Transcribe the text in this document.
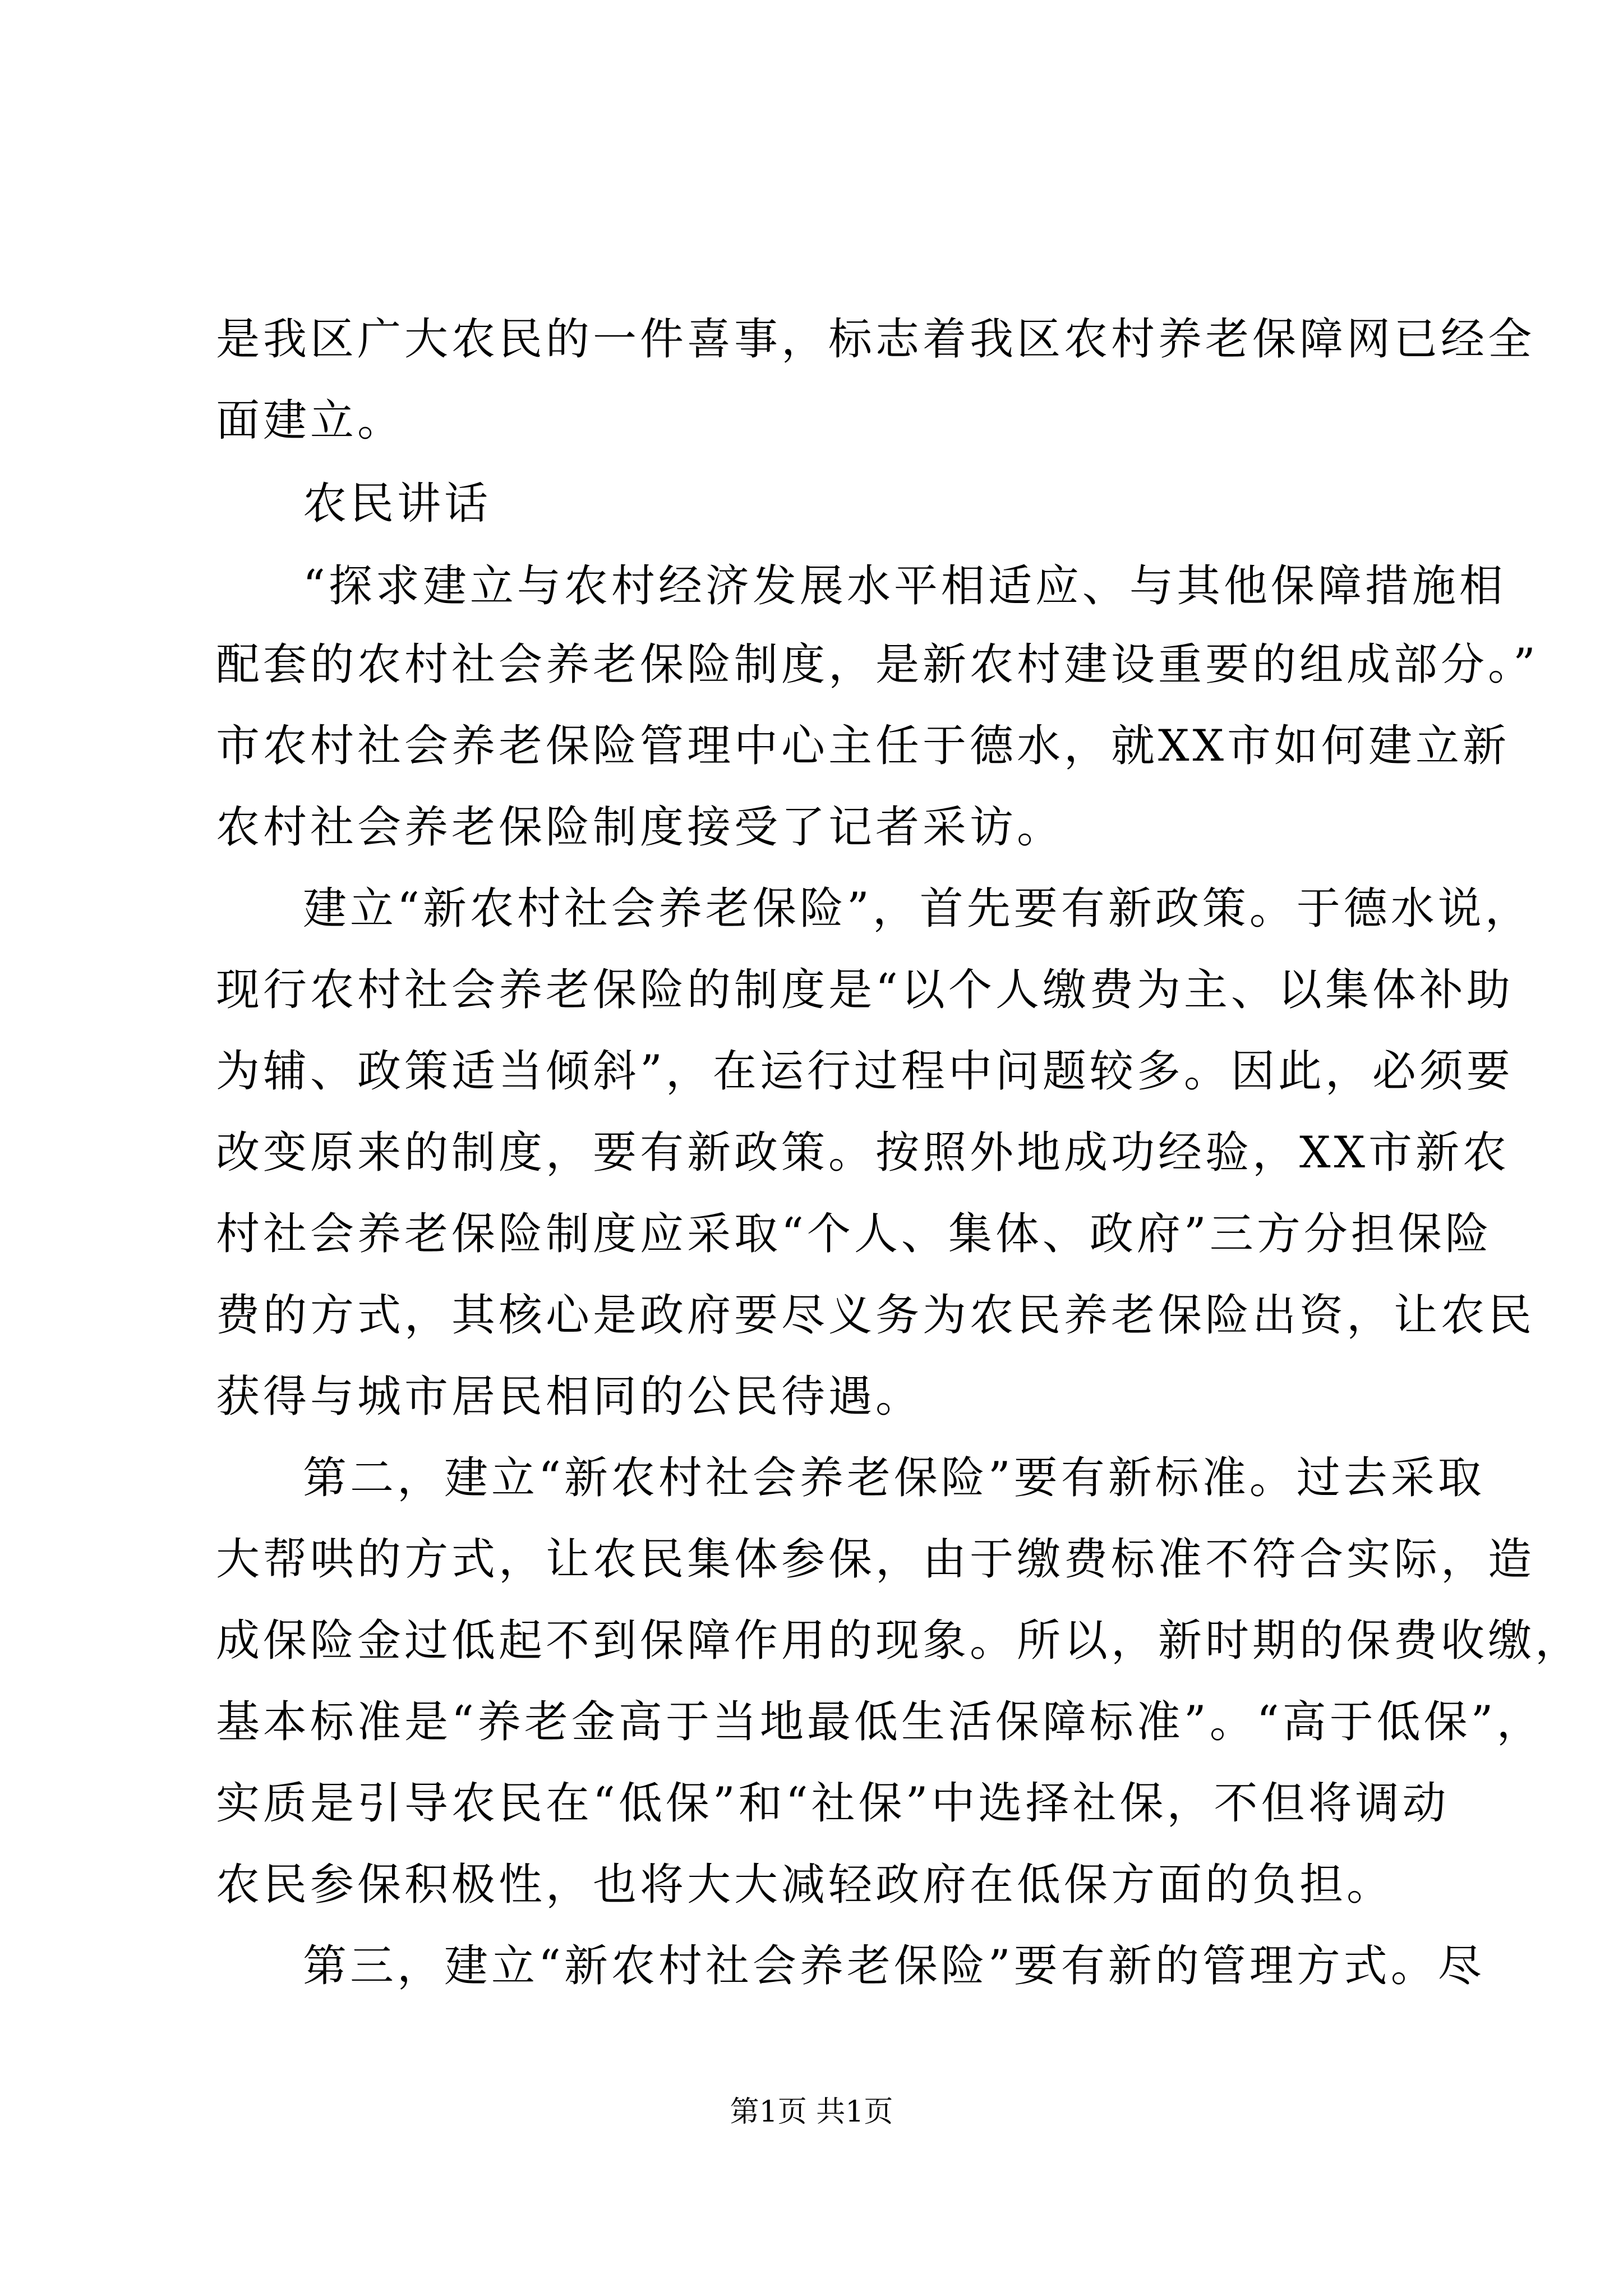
是我区广大农民的一件喜事，标志着我区农村养老保障网已经全
面建立。
农民讲话
“探求建立与农村经济发展水平相适应、与其他保障措施相
配套的农村社会养老保险制度，是新农村建设重要的组成部分。”
市农村社会养老保险管理中心主任于德水，就XX市如何建立新
农村社会养老保险制度接受了记者采访。
建立“新农村社会养老保险”，首先要有新政策。于德水说，
现行农村社会养老保险的制度是“以个人缴费为主、以集体补助
为辅、政策适当倾斜”，在运行过程中问题较多。因此，必须要
改变原来的制度，要有新政策。按照外地成功经验，XX市新农
村社会养老保险制度应采取“个人、集体、政府”三方分担保险
费的方式，其核心是政府要尽义务为农民养老保险出资，让农民
获得与城市居民相同的公民待遇。
第二，建立“新农村社会养老保险”要有新标准。过去采取
大帮哄的方式，让农民集体参保，由于缴费标准不符合实际，造
成保险金过低起不到保障作用的现象。所以，新时期的保费收缴，
基本标准是“养老金高于当地最低生活保障标准”。“高于低保”，
实质是引导农民在“低保”和“社保”中选择社保，不但将调动
农民参保积极性，也将大大减轻政府在低保方面的负担。
第三，建立“新农村社会养老保险”要有新的管理方式。尽
第1页 共1页
